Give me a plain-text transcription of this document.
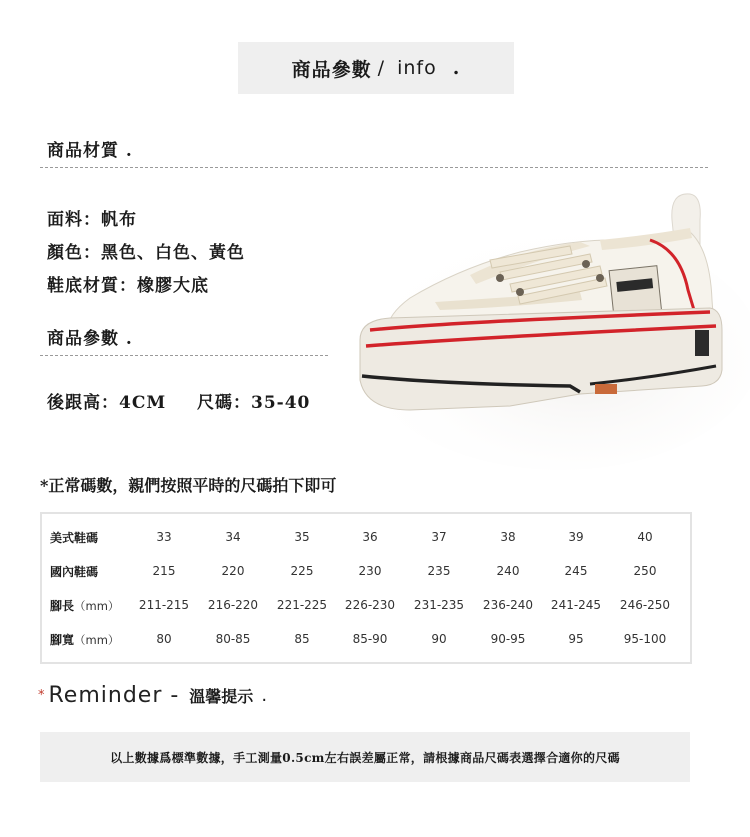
商品參數 / info .
商品材質 .
面料：帆布
顏色：黑色、白色、黃色
鞋底材質：橡膠大底
商品參數 .
後跟高：4CM 尺碼：35-40
*正常碼數，親們按照平時的尺碼拍下即可
美式鞋碼	33	34	35	36	37	38	39	40
國內鞋碼	215	220	225	230	235	240	245	250
腳長（mm） 211-215 216-220 221-225 226-230 231-235 236-240 241-245 246-250
腳寬（mm）	80	80-85	85	85-90	90	90-95	95	95-100
* Reminder - 溫馨提示 .
以上數據爲標準數據，手工測量0.5cm左右誤差屬正常，請根據商品尺碼表選擇合適你的尺碼
